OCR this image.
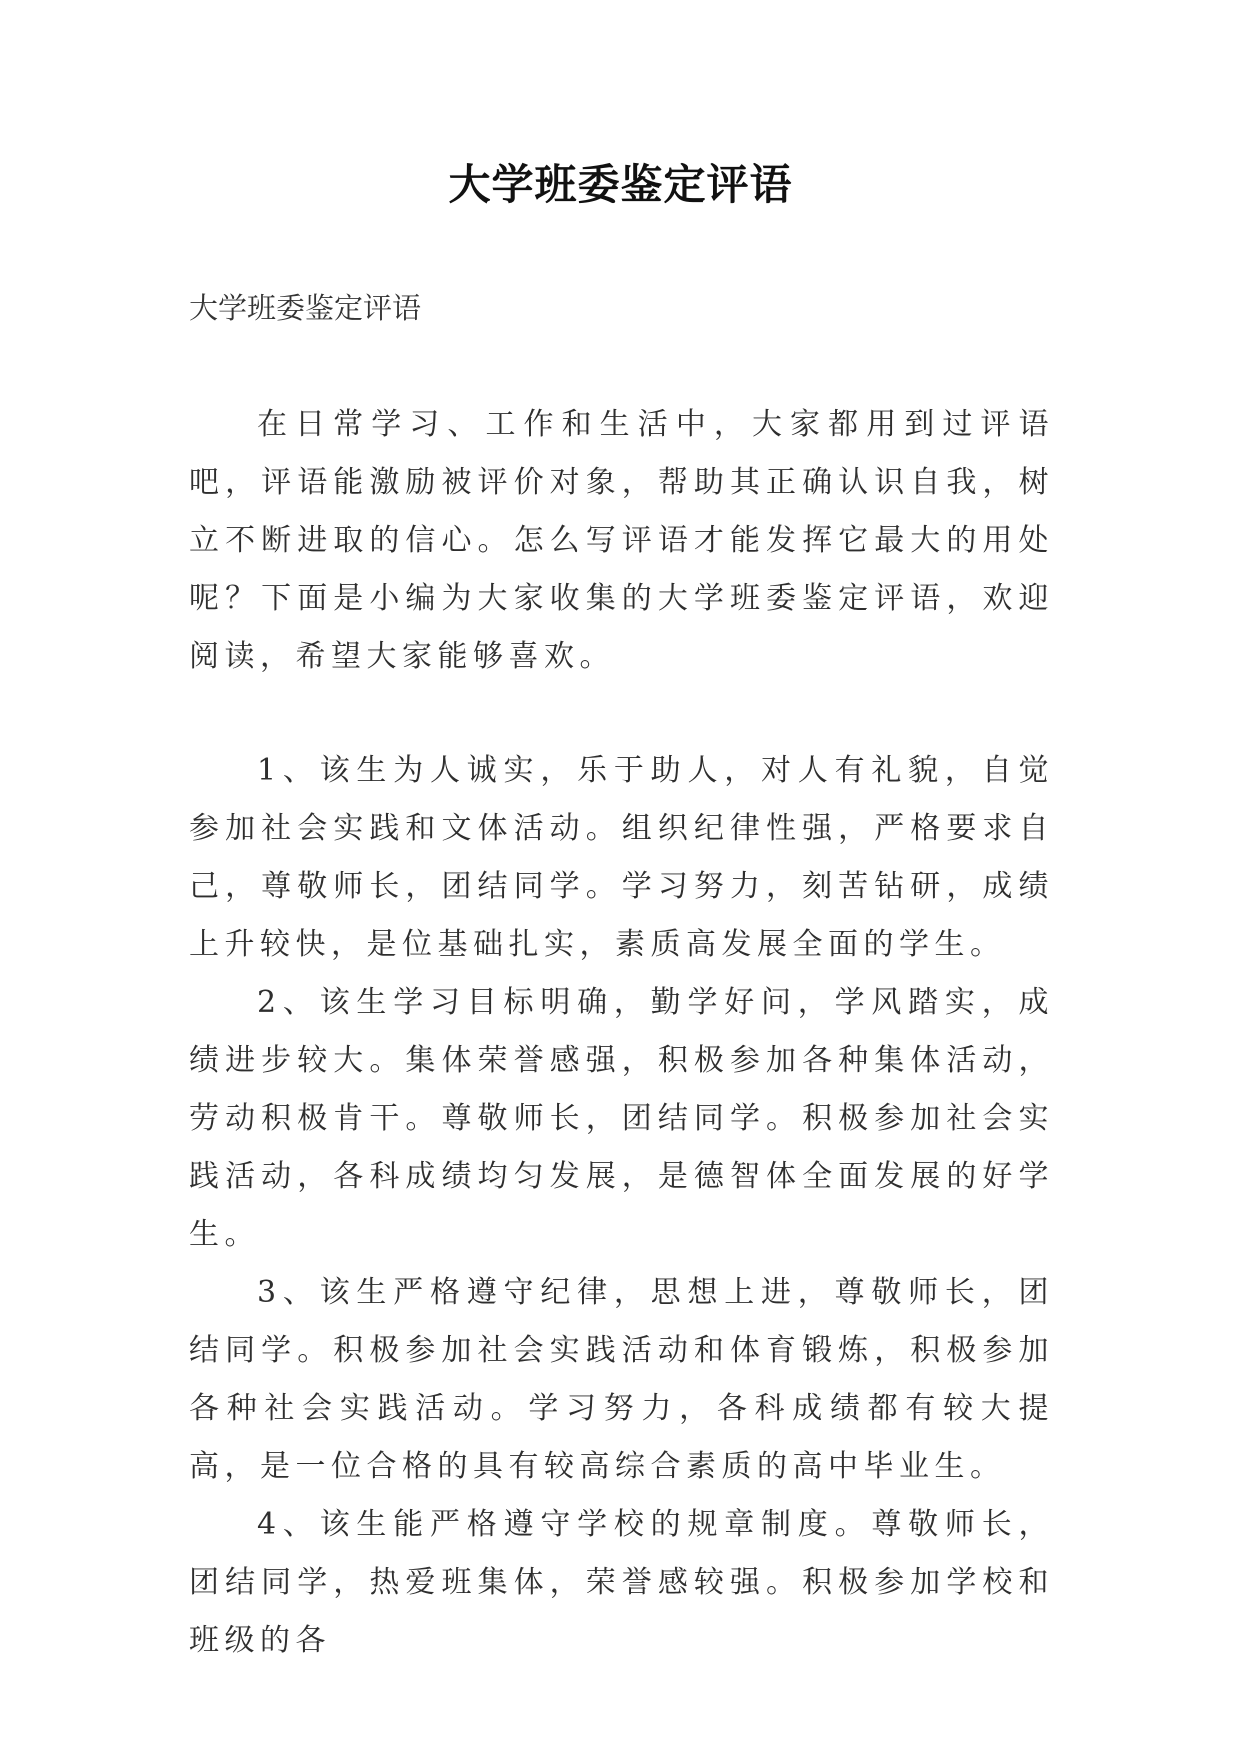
大学班委鉴定评语
大学班委鉴定评语

在日常学习、工作和生活中，大家都用到过评语吧，评语能激励被评价对象，帮助其正确认识自我，树立不断进取的信心。怎么写评语才能发挥它最大的用处呢？下面是小编为大家收集的大学班委鉴定评语，欢迎阅读，希望大家能够喜欢。

1、该生为人诚实，乐于助人，对人有礼貌，自觉参加社会实践和文体活动。组织纪律性强，严格要求自己，尊敬师长，团结同学。学习努力，刻苦钻研，成绩上升较快，是位基础扎实，素质高发展全面的学生。

2、该生学习目标明确，勤学好问，学风踏实，成绩进步较大。集体荣誉感强，积极参加各种集体活动，劳动积极肯干。尊敬师长，团结同学。积极参加社会实践活动，各科成绩均匀发展，是德智体全面发展的好学生。

3、该生严格遵守纪律，思想上进，尊敬师长，团结同学。积极参加社会实践活动和体育锻炼，积极参加各种社会实践活动。学习努力，各科成绩都有较大提高，是一位合格的具有较高综合素质的高中毕业生。

4、该生能严格遵守学校的规章制度。尊敬师长，团结同学，热爱班集体，荣誉感较强。积极参加学校和班级的各
